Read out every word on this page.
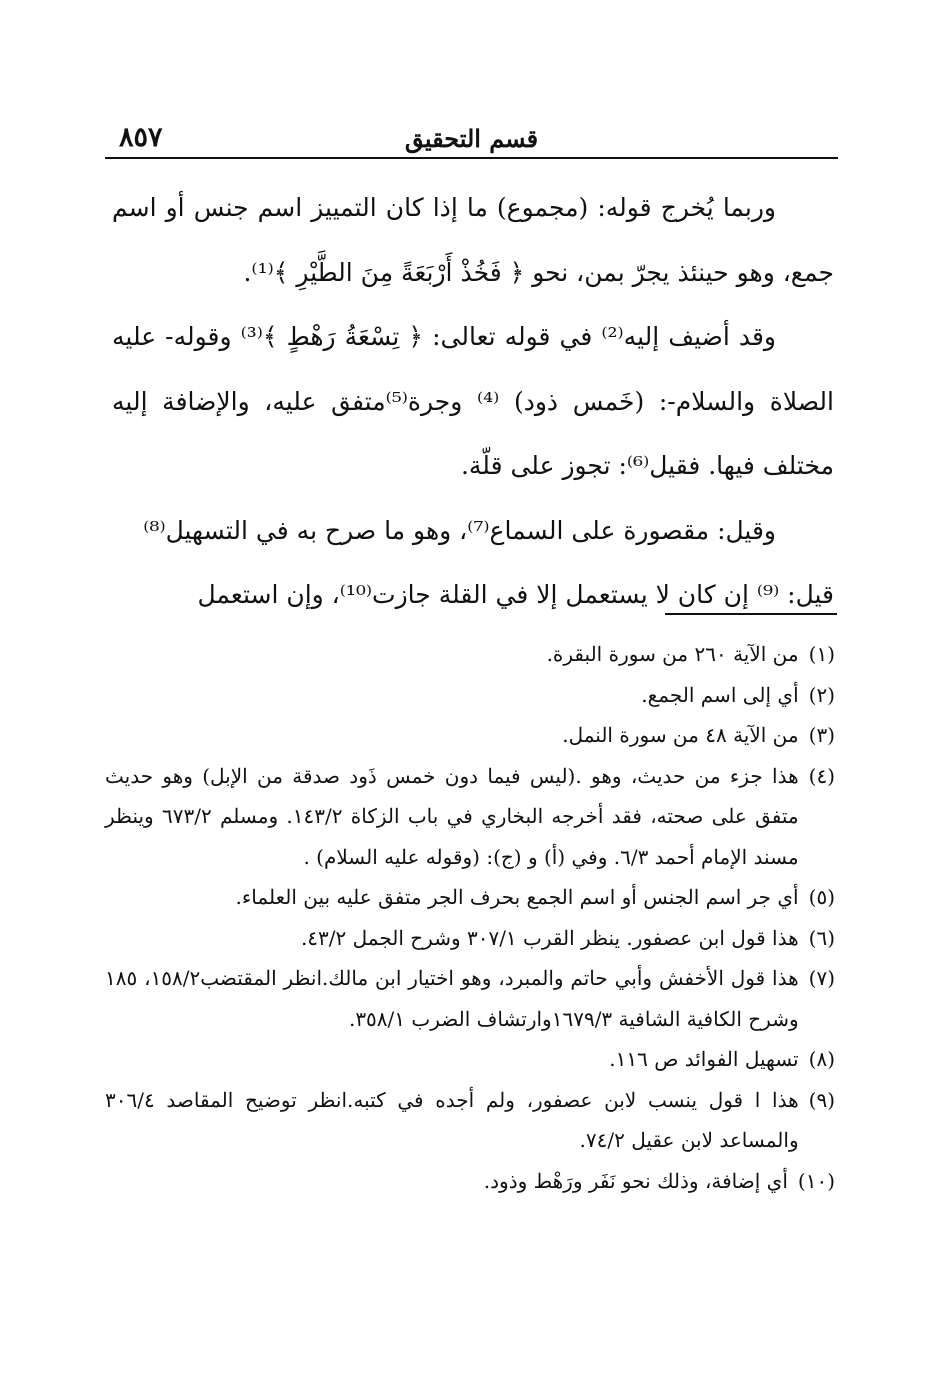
قسم التحقيق
٨٥٧

وربما يُخرج قوله: (مجموع) ما إذا كان التمييز اسم جنس أو اسم جمع، وهو حينئذ يجرّ بمن، نحو ﴿ فَخُذْ أَرْبَعَةً مِنَ الطَّيْرِ ﴾⁽¹⁾.

وقد أضيف إليه⁽²⁾ في قوله تعالى: ﴿ تِسْعَةُ رَهْطٍ ﴾⁽³⁾ وقوله- عليه الصلاة والسلام-: (خَمس ذود) ⁽⁴⁾ وجرة⁽⁵⁾متفق عليه، والإضافة إليه مختلف فيها. فقيل⁽⁶⁾: تجوز على قلّة.

وقيل: مقصورة على السماع⁽⁷⁾، وهو ما صرح به في التسهيل⁽⁸⁾

قيل: ⁽⁹⁾ إن كان لا يستعمل إلا في القلة جازت⁽¹⁰⁾، وإن استعمل

(١)
من الآية ٢٦٠ من سورة البقرة.
(٢)
أي إلى اسم الجمع.
(٣)
من الآية ٤٨ من سورة النمل.
(٤)
هذا جزء من حديث، وهو .(ليس فيما دون خمس ذَود صدقة من الإبل) وهو حديث متفق على صحته، فقد أخرجه البخاري في باب الزكاة ١٤٣/٢. ومسلم ٦٧٣/٢ وينظر مسند الإمام أحمد ٦/٣. وفي (أ) و (ج): (وقوله عليه السلام) .
(٥)
أي جر اسم الجنس أو اسم الجمع بحرف الجر متفق عليه بين العلماء.
(٦)
هذا قول ابن عصفور. ينظر القرب ٣٠٧/١ وشرح الجمل ٤٣/٢.
(٧)
هذا قول الأخفش وأبي حاتم والمبرد، وهو اختيار ابن مالك.انظر المقتضب١٥٨/٢، ١٨٥ وشرح الكافية الشافية ١٦٧٩/٣وارتشاف الضرب ٣٥٨/١.
(٨)
تسهيل الفوائد ص ١١٦.
(٩)
هذا ا قول ينسب لابن عصفور، ولم أجده في كتبه.انظر توضيح المقاصد ٣٠٦/٤ والمساعد لابن عقيل ٧٤/٢.
(١٠)
أي إضافة، وذلك نحو نَفَر ورَهْط وذود.
